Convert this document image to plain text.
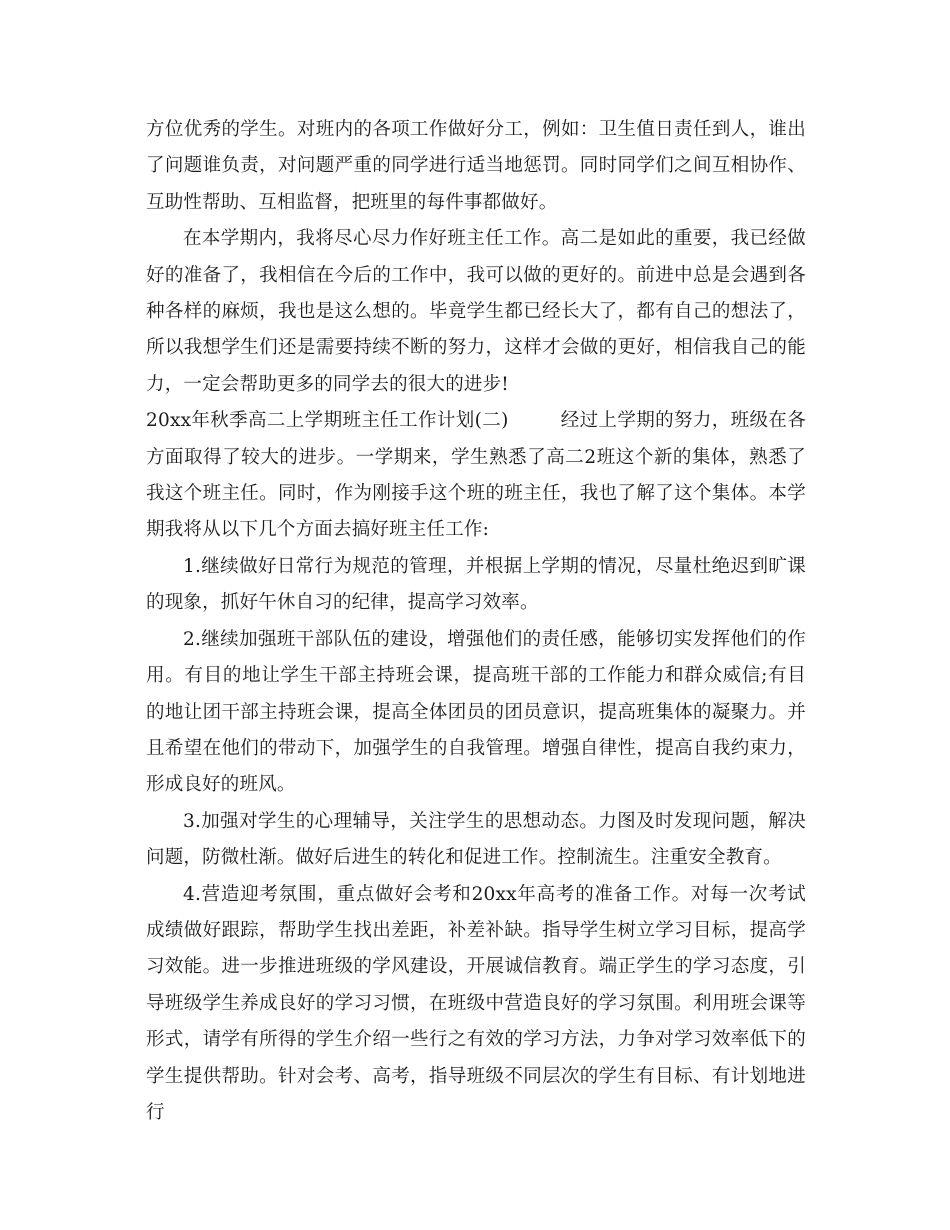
方位优秀的学生。对班内的各项工作做好分工，例如：卫生值日责任到人，谁出了问题谁负责，对问题严重的同学进行适当地惩罚。同时同学们之间互相协作、互助性帮助、互相监督，把班里的每件事都做好。

在本学期内，我将尽心尽力作好班主任工作。高二是如此的重要，我已经做好的准备了，我相信在今后的工作中，我可以做的更好的。前进中总是会遇到各种各样的麻烦，我也是这么想的。毕竟学生都已经长大了，都有自己的想法了，所以我想学生们还是需要持续不断的努力，这样才会做的更好，相信我自己的能力，一定会帮助更多的同学去的很大的进步!

20xx年秋季高二上学期班主任工作计划(二)	经过上学期的努力，班级在各方面取得了较大的进步。一学期来，学生熟悉了高二2班这个新的集体，熟悉了我这个班主任。同时，作为刚接手这个班的班主任，我也了解了这个集体。本学期我将从以下几个方面去搞好班主任工作:

1.继续做好日常行为规范的管理，并根据上学期的情况，尽量杜绝迟到旷课的现象，抓好午休自习的纪律，提高学习效率。

2.继续加强班干部队伍的建设，增强他们的责任感，能够切实发挥他们的作用。有目的地让学生干部主持班会课，提高班干部的工作能力和群众威信;有目的地让团干部主持班会课，提高全体团员的团员意识，提高班集体的凝聚力。并且希望在他们的带动下，加强学生的自我管理。增强自律性，提高自我约束力，形成良好的班风。

3.加强对学生的心理辅导，关注学生的思想动态。力图及时发现问题，解决问题，防微杜渐。做好后进生的转化和促进工作。控制流生。注重安全教育。

4.营造迎考氛围，重点做好会考和20xx年高考的准备工作。对每一次考试成绩做好跟踪，帮助学生找出差距，补差补缺。指导学生树立学习目标，提高学习效能。进一步推进班级的学风建设，开展诚信教育。端正学生的学习态度，引导班级学生养成良好的学习习惯，在班级中营造良好的学习氛围。利用班会课等形式，请学有所得的学生介绍一些行之有效的学习方法，力争对学习效率低下的学生提供帮助。针对会考、高考，指导班级不同层次的学生有目标、有计划地进行
